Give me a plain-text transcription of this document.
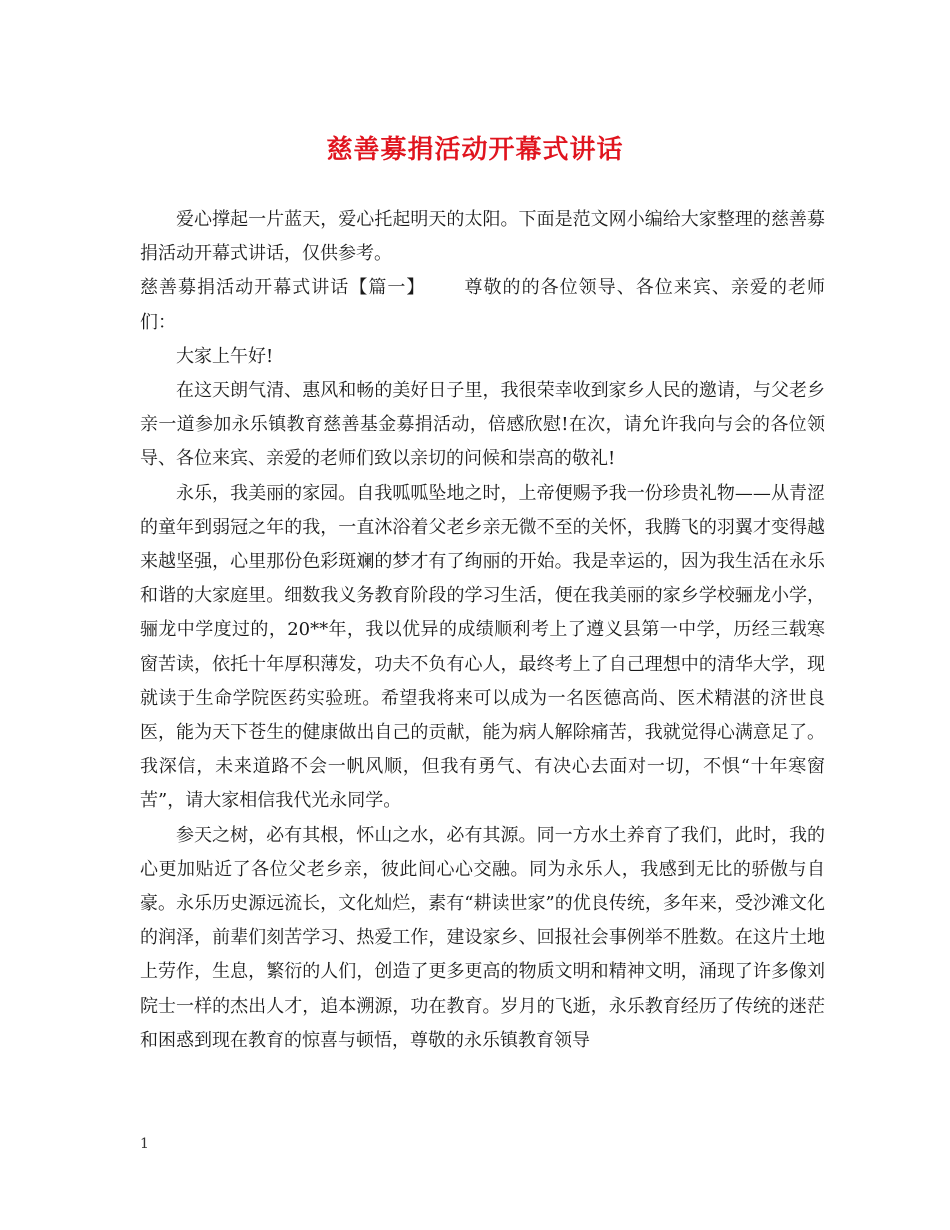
慈善募捐活动开幕式讲话

爱心撑起一片蓝天，爱心托起明天的太阳。下面是范文网小编给大家整理的慈善募捐活动开幕式讲话，仅供参考。

慈善募捐活动开幕式讲话【篇一】 尊敬的的各位领导、各位来宾、亲爱的老师们：

大家上午好!

在这天朗气清、惠风和畅的美好日子里，我很荣幸收到家乡人民的邀请，与父老乡亲一道参加永乐镇教育慈善基金募捐活动，倍感欣慰!在次，请允许我向与会的各位领导、各位来宾、亲爱的老师们致以亲切的问候和崇高的敬礼!

永乐，我美丽的家园。自我呱呱坠地之时，上帝便赐予我一份珍贵礼物——从青涩的童年到弱冠之年的我，一直沐浴着父老乡亲无微不至的关怀，我腾飞的羽翼才变得越来越坚强，心里那份色彩斑斓的梦才有了绚丽的开始。我是幸运的，因为我生活在永乐和谐的大家庭里。细数我义务教育阶段的学习生活，便在我美丽的家乡学校骊龙小学，骊龙中学度过的，20**年，我以优异的成绩顺利考上了遵义县第一中学，历经三载寒窗苦读，依托十年厚积薄发，功夫不负有心人，最终考上了自己理想中的清华大学，现就读于生命学院医药实验班。希望我将来可以成为一名医德高尚、医术精湛的济世良医，能为天下苍生的健康做出自己的贡献，能为病人解除痛苦，我就觉得心满意足了。我深信，未来道路不会一帆风顺，但我有勇气、有决心去面对一切，不惧“十年寒窗苦”，请大家相信我代光永同学。

参天之树，必有其根，怀山之水，必有其源。同一方水土养育了我们，此时，我的心更加贴近了各位父老乡亲，彼此间心心交融。同为永乐人，我感到无比的骄傲与自豪。永乐历史源远流长，文化灿烂，素有“耕读世家”的优良传统，多年来，受沙滩文化的润泽，前辈们刻苦学习、热爱工作，建设家乡、回报社会事例举不胜数。在这片土地上劳作，生息，繁衍的人们，创造了更多更高的物质文明和精神文明，涌现了许多像刘院士一样的杰出人才，追本溯源，功在教育。岁月的飞逝，永乐教育经历了传统的迷茫和困惑到现在教育的惊喜与顿悟，尊敬的永乐镇教育领导

1
